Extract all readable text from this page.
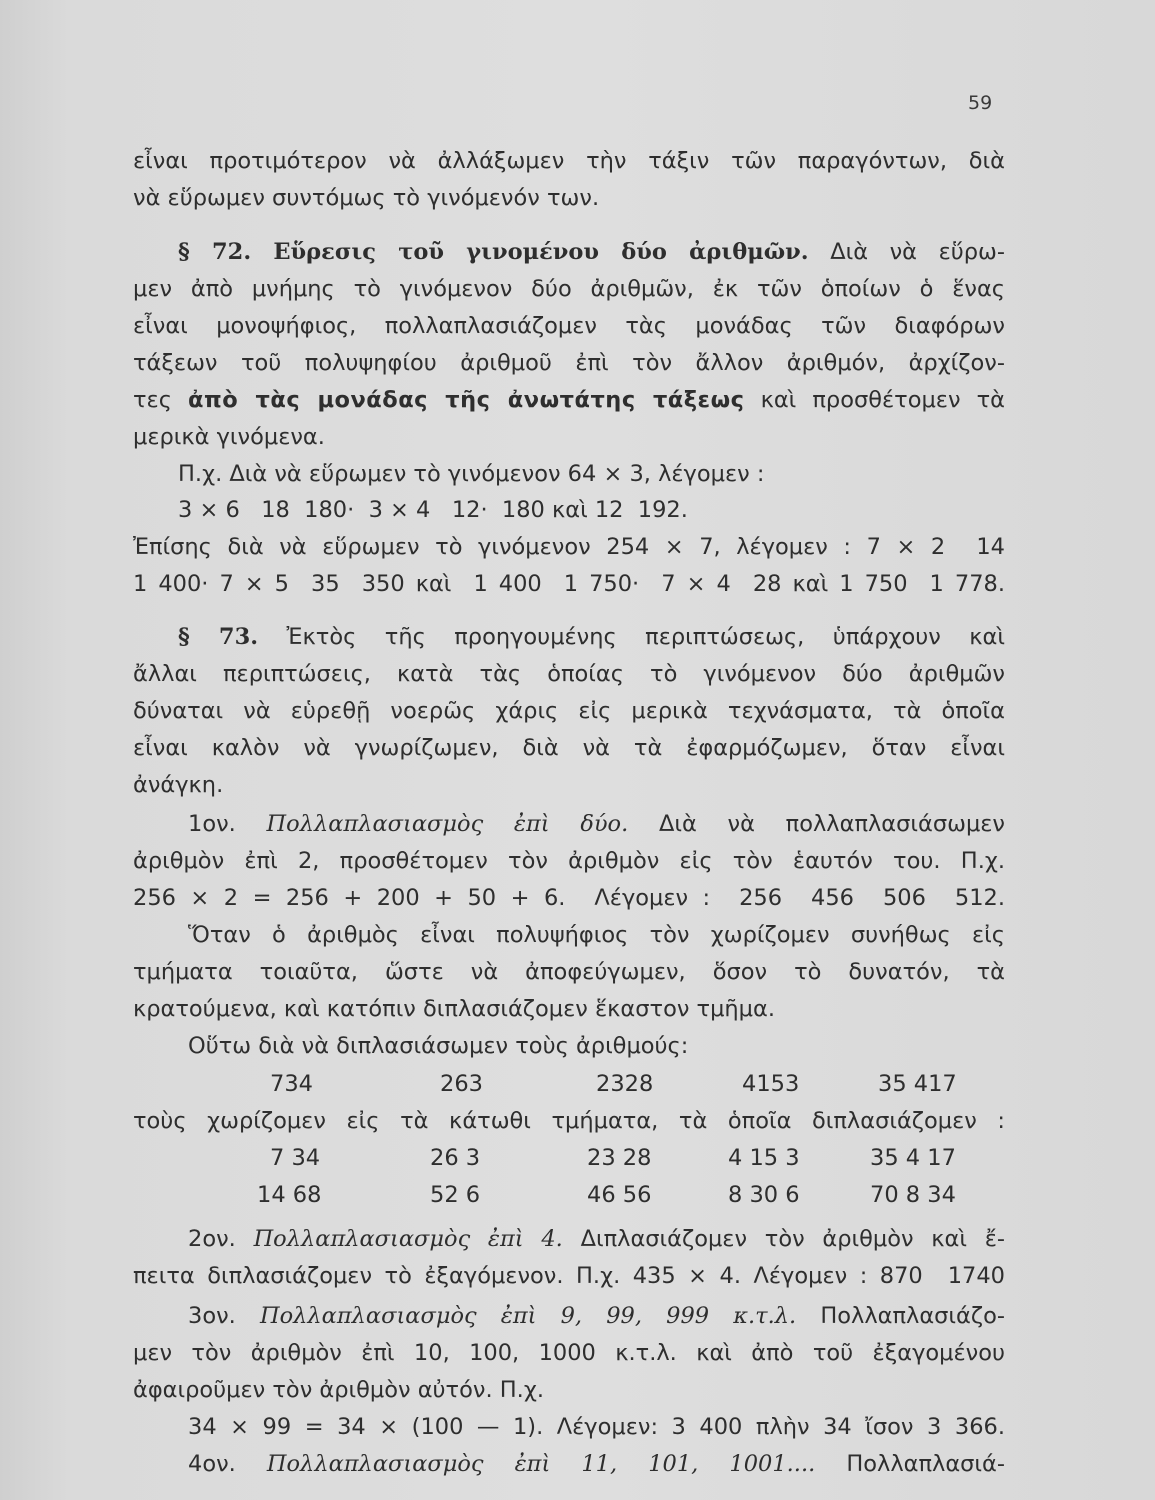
59
εἶναι προτιμότερον νὰ ἀλλάξωμεν τὴν τάξιν τῶν παραγόντων, διὰ
νὰ εὕρωμεν συντόμως τὸ γινόμενόν των.
§ 72. Εὕρεσις τοῦ γινομένου δύο ἀριθμῶν. Διὰ νὰ εὕρω-
μεν ἀπὸ μνήμης τὸ γινόμενον δύο ἀριθμῶν, ἐκ τῶν ὁποίων ὁ ἕνας
εἶναι μονοψήφιος, πολλαπλασιάζομεν τὰς μονάδας τῶν διαφόρων
τάξεων τοῦ πολυψηφίου ἀριθμοῦ ἐπὶ τὸν ἄλλον ἀριθμόν, ἀρχίζον-
τες ἀπὸ τὰς μονάδας τῆς ἀνωτάτης τάξεως καὶ προσθέτομεν τὰ
μερικὰ γινόμενα.
Π.χ. Διὰ νὰ εὕρωμεν τὸ γινόμενον 64 × 3, λέγομεν :
3 × 6   18  180·  3 × 4   12·  180 καὶ 12  192.
Ἐπίσης διὰ νὰ εὕρωμεν τὸ γινόμενον 254 × 7, λέγομεν : 7 × 2  14
1 400· 7 × 5  35  350 καὶ  1 400  1 750·  7 × 4  28 καὶ 1 750  1 778.
§ 73. Ἐκτὸς τῆς προηγουμένης περιπτώσεως, ὑπάρχουν καὶ
ἄλλαι περιπτώσεις, κατὰ τὰς ὁποίας τὸ γινόμενον δύο ἀριθμῶν
δύναται νὰ εὑρεθῇ νοερῶς χάρις εἰς μερικὰ τεχνάσματα, τὰ ὁποῖα
εἶναι καλὸν νὰ γνωρίζωμεν, διὰ νὰ τὰ ἐφαρμόζωμεν, ὅταν εἶναι
ἀνάγκη.
1ον. Πολλαπλασιασμὸς ἐπὶ δύο. Διὰ νὰ πολλαπλασιάσωμεν
ἀριθμὸν ἐπὶ 2, προσθέτομεν τὸν ἀριθμὸν εἰς τὸν ἑαυτόν του. Π.χ.
256 × 2 = 256 + 200 + 50 + 6.  Λέγομεν :  256  456  506  512.
Ὅταν ὁ ἀριθμὸς εἶναι πολυψήφιος τὸν χωρίζομεν συνήθως εἰς
τμήματα τοιαῦτα, ὥστε νὰ ἀποφεύγωμεν, ὅσον τὸ δυνατόν, τὰ
κρατούμενα, καὶ κατόπιν διπλασιάζομεν ἕκαστον τμῆμα.
Οὕτω διὰ νὰ διπλασιάσωμεν τοὺς ἀριθμούς:
734	263	2328	4153	35 417
τοὺς χωρίζομεν εἰς τὰ κάτωθι τμήματα, τὰ ὁποῖα διπλασιάζομεν :
7 34	26 3	23 28	4 15 3	35 4 17
14 68	52 6	46 56	8 30 6	70 8 34
2ον. Πολλαπλασιασμὸς ἐπὶ 4. Διπλασιάζομεν τὸν ἀριθμὸν καὶ ἔ-
πειτα διπλασιάζομεν τὸ ἐξαγόμενον. Π.χ. 435 × 4. Λέγομεν : 870  1740
3ον. Πολλαπλασιασμὸς ἐπὶ 9, 99, 999 κ.τ.λ. Πολλαπλασιάζο-
μεν τὸν ἀριθμὸν ἐπὶ 10, 100, 1000 κ.τ.λ. καὶ ἀπὸ τοῦ ἐξαγομένου
ἀφαιροῦμεν τὸν ἀριθμὸν αὐτόν. Π.χ.
34 × 99 = 34 × (100 — 1). Λέγομεν: 3 400 πλὴν 34 ἴσον 3 366.
4ον. Πολλαπλασιασμὸς ἐπὶ 11, 101, 1001.... Πολλαπλασιά-
